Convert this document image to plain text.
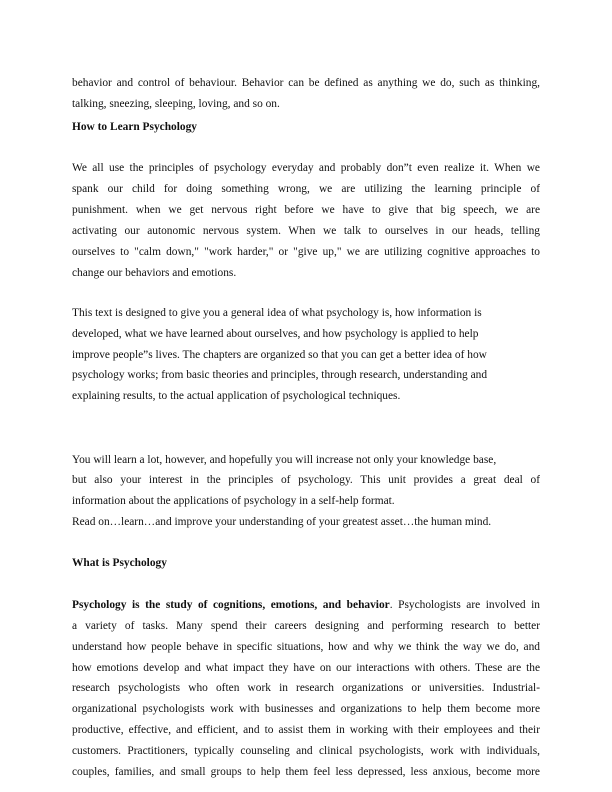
behavior and control of behaviour. Behavior can be defined as anything we do, such as thinking,
talking, sneezing, sleeping, loving, and so on.
How to Learn Psychology
We all use the principles of psychology everyday and probably don”t even realize it. When we
spank our child for doing something wrong, we are utilizing the learning principle of
punishment. when we get nervous right before we have to give that big speech, we are
activating our autonomic nervous system. When we talk to ourselves in our heads, telling
ourselves to "calm down," "work harder," or "give up," we are utilizing cognitive approaches to
change our behaviors and emotions.
This text is designed to give you a general idea of what psychology is, how information is
developed, what we have learned about ourselves, and how psychology is applied to help
improve people”s lives. The chapters are organized so that you can get a better idea of how
psychology works; from basic theories and principles, through research, understanding and
explaining results, to the actual application of psychological techniques.
You will learn a lot, however, and hopefully you will increase not only your knowledge base,
but also your interest in the principles of psychology. This unit provides a great deal of
information about the applications of psychology in a self-help format.
Read on…learn…and improve your understanding of your greatest asset…the human mind.
What is Psychology
Psychology is the study of cognitions, emotions, and behavior. Psychologists are involved in
a variety of tasks. Many spend their careers designing and performing research to better
understand how people behave in specific situations, how and why we think the way we do, and
how emotions develop and what impact they have on our interactions with others. These are the
research psychologists who often work in research organizations or universities. Industrial-
organizational psychologists work with businesses and organizations to help them become more
productive, effective, and efficient, and to assist them in working with their employees and their
customers. Practitioners, typically counseling and clinical psychologists, work with individuals,
couples, families, and small groups to help them feel less depressed, less anxious, become more
